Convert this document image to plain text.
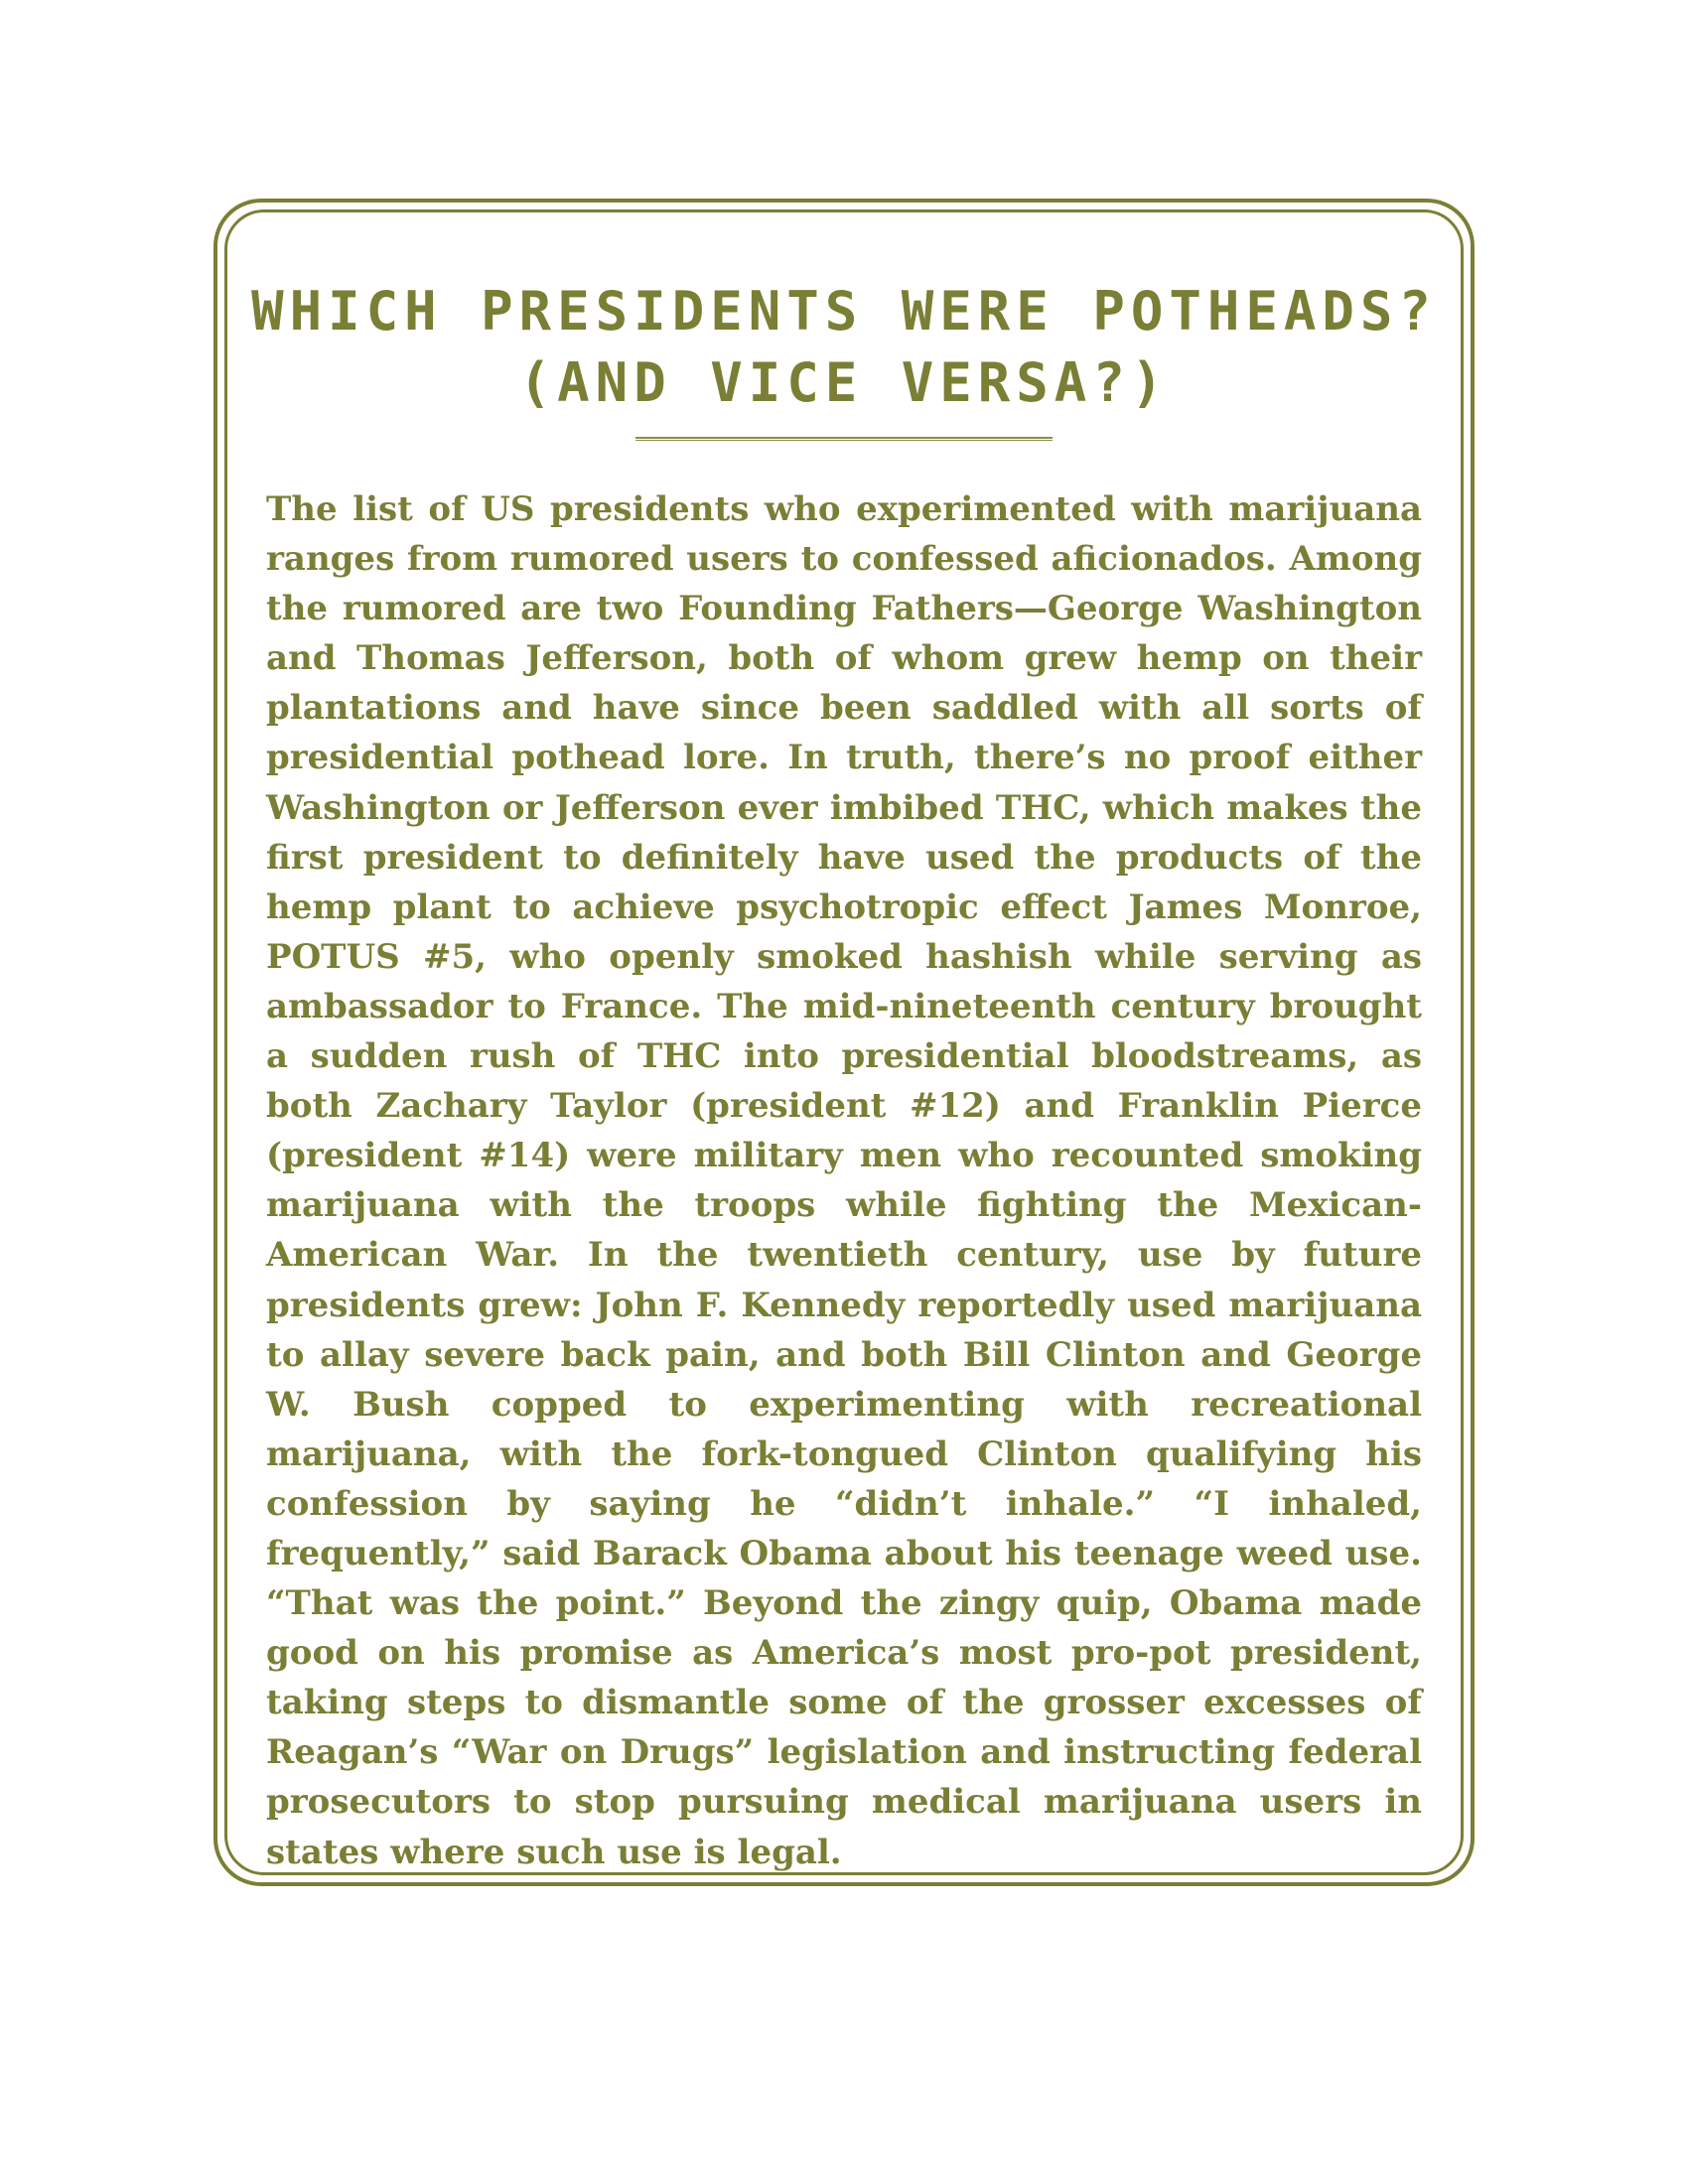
WHICH PRESIDENTS WERE POTHEADS?
(AND VICE VERSA?)

The list of US presidents who experimented with marijuana ranges from rumored users to confessed aficionados. Among the rumored are two Founding Fathers—George Washington and Thomas Jefferson, both of whom grew hemp on their plantations and have since been saddled with all sorts of presidential pothead lore. In truth, there’s no proof either Washington or Jefferson ever imbibed THC, which makes the first president to definitely have used the products of the hemp plant to achieve psychotropic effect James Monroe, POTUS #5, who openly smoked hashish while serving as ambassador to France. The mid-nineteenth century brought a sudden rush of THC into presidential bloodstreams, as both Zachary Taylor (president #12) and Franklin Pierce (president #14) were military men who recounted smoking marijuana with the troops while fighting the Mexican-American War. In the twentieth century, use by future presidents grew: John F. Kennedy reportedly used marijuana to allay severe back pain, and both Bill Clinton and George W. Bush copped to experimenting with recreational marijuana, with the fork-tongued Clinton qualifying his confession by saying he “didn’t inhale.” “I inhaled, frequently,” said Barack Obama about his teenage weed use. “That was the point.” Beyond the zingy quip, Obama made good on his promise as America’s most pro-pot president, taking steps to dismantle some of the grosser excesses of Reagan’s “War on Drugs” legislation and instructing federal prosecutors to stop pursuing medical marijuana users in states where such use is legal.
